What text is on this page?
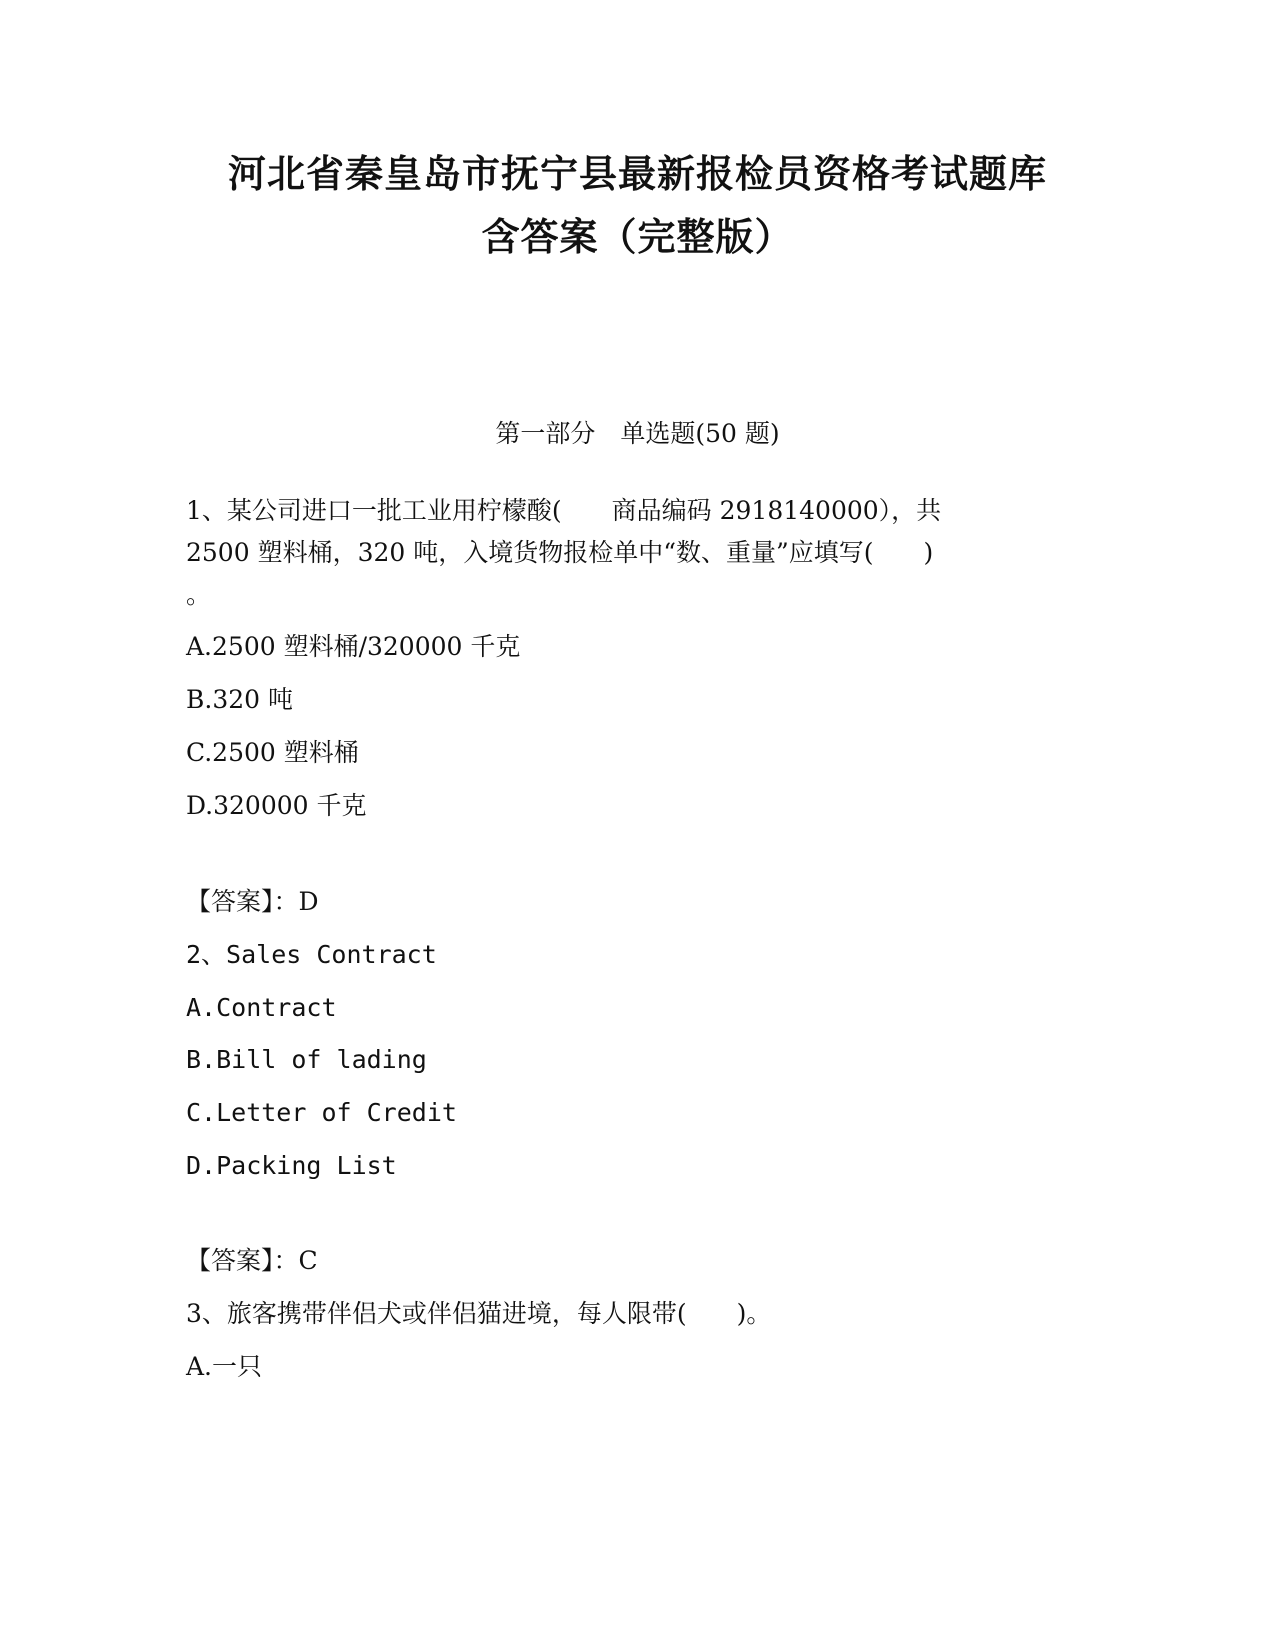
河北省秦皇岛市抚宁县最新报检员资格考试题库
含答案（完整版）

第一部分　单选题(50 题)

1、某公司进口一批工业用柠檬酸(　　商品编码 2918140000），共

2500 塑料桶，320 吨，入境货物报检单中“数、重量”应填写(　　)

。

A.2500 塑料桶/320000 千克

B.320 吨

C.2500 塑料桶

D.320000 千克

【答案】：D

2、Sales Contract

A.Contract

B.Bill of lading

C.Letter of Credit

D.Packing List

【答案】：C

3、旅客携带伴侣犬或伴侣猫进境，每人限带(　　)。

A.一只
